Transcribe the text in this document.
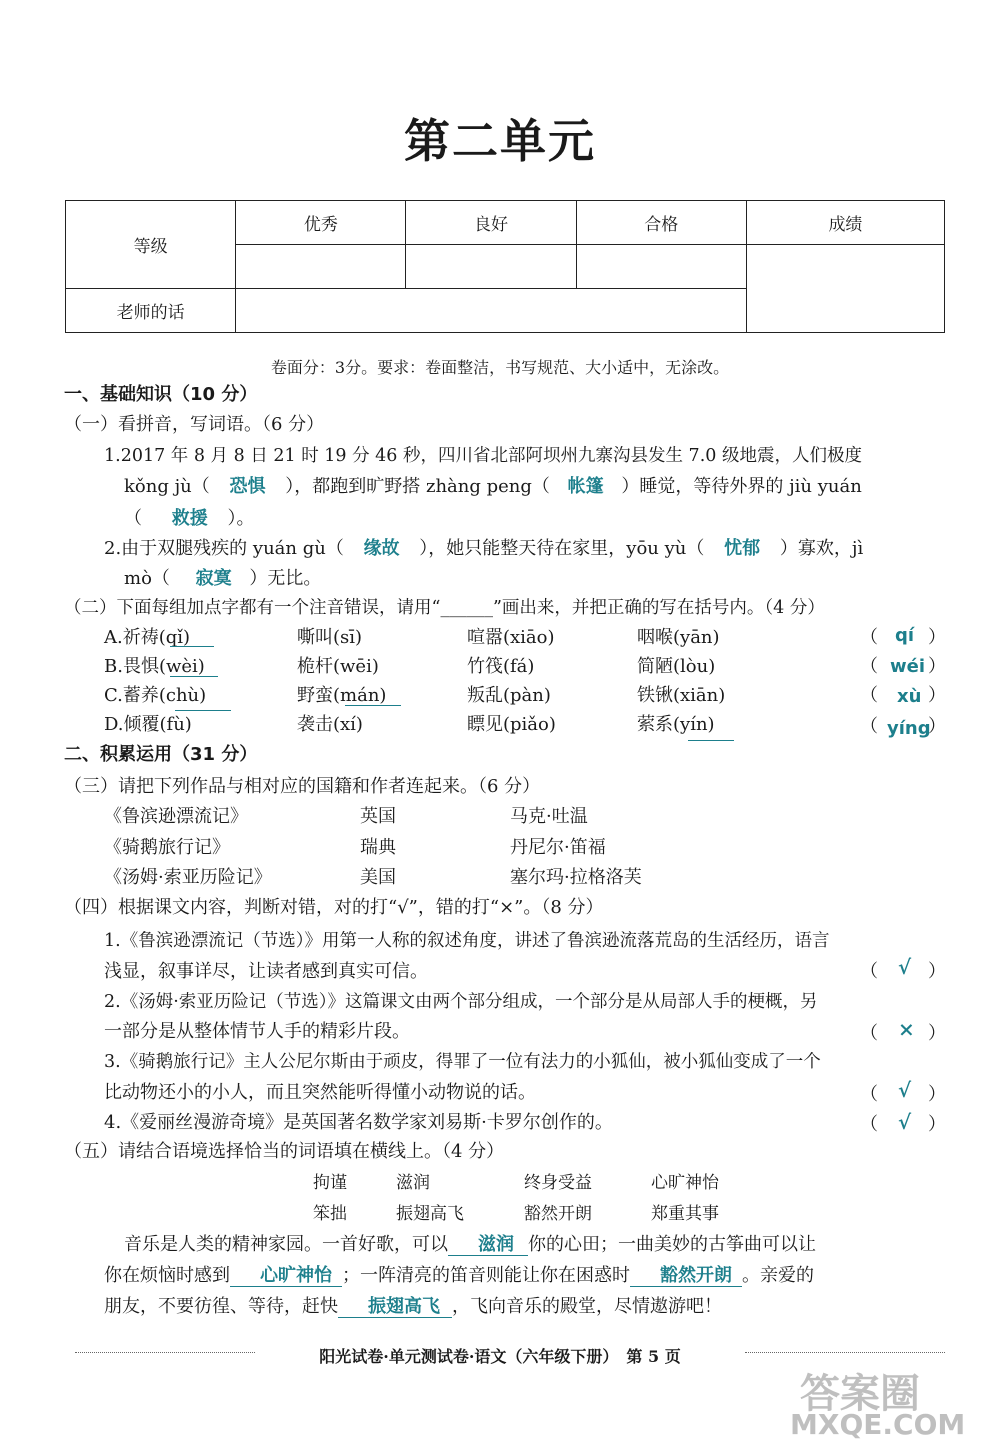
第二单元
等级	优秀	良好	合格	成绩

老师的话				
卷面分：3分。要求：卷面整洁，书写规范、大小适中，无涂改。
一、基础知识（10 分）
（一）看拼音，写词语。（6 分）
1.2017 年 8 月 8 日 21 时 19 分 46 秒，四川省北部阿坝州九寨沟县发生 7.0 级地震，人们极度
kǒng jù（ 恐惧 ），都跑到旷野搭 zhàng peng（ 帐篷 ）睡觉，等待外界的 jiù yuán
（ 救援 ）。
2.由于双腿残疾的 yuán gù（ 缘故 ），她只能整天待在家里，yōu yù（ 忧郁 ）寡欢，jì
mò（ 寂寞 ）无比。
（二）下面每组加点字都有一个注音错误，请用“______”画出来，并把正确的写在括号内。（4 分）
A.祈祷(qǐ)	嘶叫(sī)	喧嚣(xiāo)	咽喉(yān)	（ qí ）
B.畏惧(wèi)	桅杆(wēi)	竹筏(fá)	简陋(lòu)	（ wéi ）
C.蓄养(chù)	野蛮(mán)	叛乱(pàn)	铁锹(xiān)	（ xù ）
D.倾覆(fù)	袭击(xí)	瞟见(piǎo)	萦系(yín)	（ yíng
）
二、积累运用（31 分）
（三）请把下列作品与相对应的国籍和作者连起来。（6 分）
《鲁滨逊漂流记》
《骑鹅旅行记》
《汤姆·索亚历险记》
英国
瑞典
美国
马克·吐温
丹尼尔·笛福
塞尔玛·拉格洛芙
（四）根据课文内容，判断对错，对的打“√”，错的打“×”。（8 分）
1.《鲁滨逊漂流记（节选）》用第一人称的叙述角度，讲述了鲁滨逊流落荒岛的生活经历，语言
浅显，叙事详尽，让读者感到真实可信。	（ √ ）
2.《汤姆·索亚历险记（节选）》这篇课文由两个部分组成，一个部分是从局部人手的梗概，另
一部分是从整体情节人手的精彩片段。	（ × ）
3.《骑鹅旅行记》主人公尼尔斯由于顽皮，得罪了一位有法力的小狐仙，被小狐仙变成了一个
比动物还小的小人，而且突然能听得懂小动物说的话。	（ √ ）
4.《爱丽丝漫游奇境》是英国著名数学家刘易斯·卡罗尔创作的。	（ √ ）
（五）请结合语境选择恰当的词语填在横线上。（4 分）
拘谨	滋润	终身受益	心旷神怡
笨拙	振翅高飞	豁然开朗	郑重其事
音乐是人类的精神家园。一首好歌，可以 滋润 你的心田；一曲美妙的古筝曲可以让
你在烦恼时感到 心旷神怡 ；一阵清亮的笛音则能让你在困惑时 豁然开朗 。亲爱的
朋友，不要彷徨、等待，赶快 振翅高飞 ，飞向音乐的殿堂，尽情遨游吧！
阳光试卷·单元测试卷·语文（六年级下册）　第 5 页
答案圈
MXQE.COM
